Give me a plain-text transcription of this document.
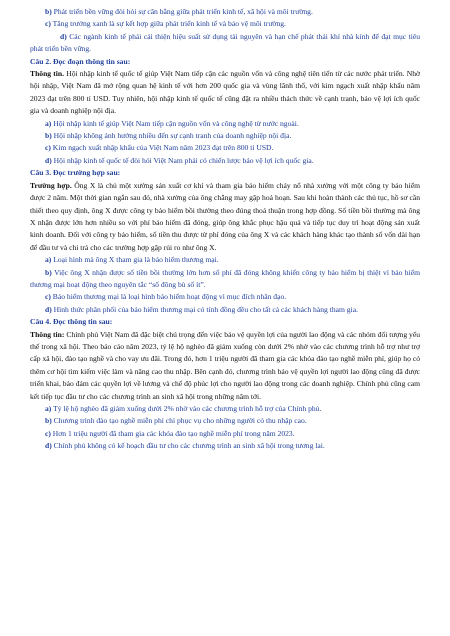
b) Phát triển bền vững đòi hỏi sự cân bằng giữa phát triển kinh tế, xã hội và môi trường.

c) Tăng trưởng xanh là sự kết hợp giữa phát triển kinh tế và bảo vệ môi trường.

d) Các ngành kinh tế phải cải thiện hiệu suất sử dụng tài nguyên và hạn chế phát thải khí nhà kính để đạt mục tiêu phát triển bền vững.

Câu 2. Đọc đoạn thông tin sau:

Thông tin. Hội nhập kinh tế quốc tế giúp Việt Nam tiếp cận các nguồn vốn và công nghệ tiên tiến từ các nước phát triển. Nhờ hội nhập, Việt Nam đã mở rộng quan hệ kinh tế với hơn 200 quốc gia và vùng lãnh thổ, với kim ngạch xuất nhập khẩu năm 2023 đạt trên 800 tỉ USD. Tuy nhiên, hội nhập kinh tế quốc tế cũng đặt ra nhiều thách thức về cạnh tranh, bảo vệ lợi ích quốc gia và doanh nghiệp nội địa.

a) Hội nhập kinh tế giúp Việt Nam tiếp cận nguồn vốn và công nghệ từ nước ngoài.

b) Hội nhập không ảnh hưởng nhiều đến sự cạnh tranh của doanh nghiệp nội địa.

c) Kim ngạch xuất nhập khẩu của Việt Nam năm 2023 đạt trên 800 tỉ USD.

d) Hội nhập kinh tế quốc tế đòi hỏi Việt Nam phải có chiến lược bảo vệ lợi ích quốc gia.

Câu 3. Đọc trường hợp sau:

Trường hợp. Ông X là chủ một xưởng sản xuất cơ khí và tham gia bảo hiểm cháy nổ nhà xưởng với một công ty bảo hiểm được 2 năm. Một thời gian ngắn sau đó, nhà xưởng của ông chẳng may gặp hoả hoạn. Sau khi hoàn thành các thủ tục, hồ sơ cần thiết theo quy định, ông X được công ty bảo hiểm bồi thường theo đúng thoả thuận trong hợp đồng. Số tiền bồi thường mà ông X nhận được lớn hơn nhiều so với phí bảo hiểm đã đóng, giúp ông khắc phục hậu quả và tiếp tục duy trì hoạt động sản xuất kinh doanh. Đối với công ty bảo hiểm, số tiền thu được từ phí đóng của ông X và các khách hàng khác tạo thành số vốn dài hạn để đầu tư và chi trả cho các trường hợp gặp rủi ro như ông X.

a) Loại hình mà ông X tham gia là bảo hiểm thương mại.

b) Việc ông X nhận được số tiền bồi thường lớn hơn số phí đã đóng không khiến công ty bảo hiểm bị thiệt vì bảo hiểm thương mại hoạt động theo nguyên tắc “số đông bù số ít”.

c) Bảo hiểm thương mại là loại hình bảo hiểm hoạt động vì mục đích nhân đạo.

d) Hình thức phân phối của bảo hiểm thương mại có tính đồng đều cho tất cả các khách hàng tham gia.

Câu 4. Đọc thông tin sau:

Thông tin: Chính phủ Việt Nam đã đặc biệt chú trọng đến việc bảo vệ quyền lợi của người lao động và các nhóm đối tượng yếu thế trong xã hội. Theo báo cáo năm 2023, tỷ lệ hộ nghèo đã giảm xuống còn dưới 2% nhờ vào các chương trình hỗ trợ như trợ cấp xã hội, đào tạo nghề và cho vay ưu đãi. Trong đó, hơn 1 triệu người đã tham gia các khóa đào tạo nghề miễn phí, giúp họ có thêm cơ hội tìm kiếm việc làm và nâng cao thu nhập. Bên cạnh đó, chương trình bảo vệ quyền lợi người lao động cũng đã được triển khai, bảo đảm các quyền lợi về lương và chế độ phúc lợi cho người lao động trong các doanh nghiệp. Chính phủ cũng cam kết tiếp tục đầu tư cho các chương trình an sinh xã hội trong những năm tới.

a) Tỷ lệ hộ nghèo đã giảm xuống dưới 2% nhờ vào các chương trình hỗ trợ của Chính phủ.

b) Chương trình đào tạo nghề miễn phí chỉ phục vụ cho những người có thu nhập cao.

c) Hơn 1 triệu người đã tham gia các khóa đào tạo nghề miễn phí trong năm 2023.

d) Chính phủ không có kế hoạch đầu tư cho các chương trình an sinh xã hội trong tương lai.
